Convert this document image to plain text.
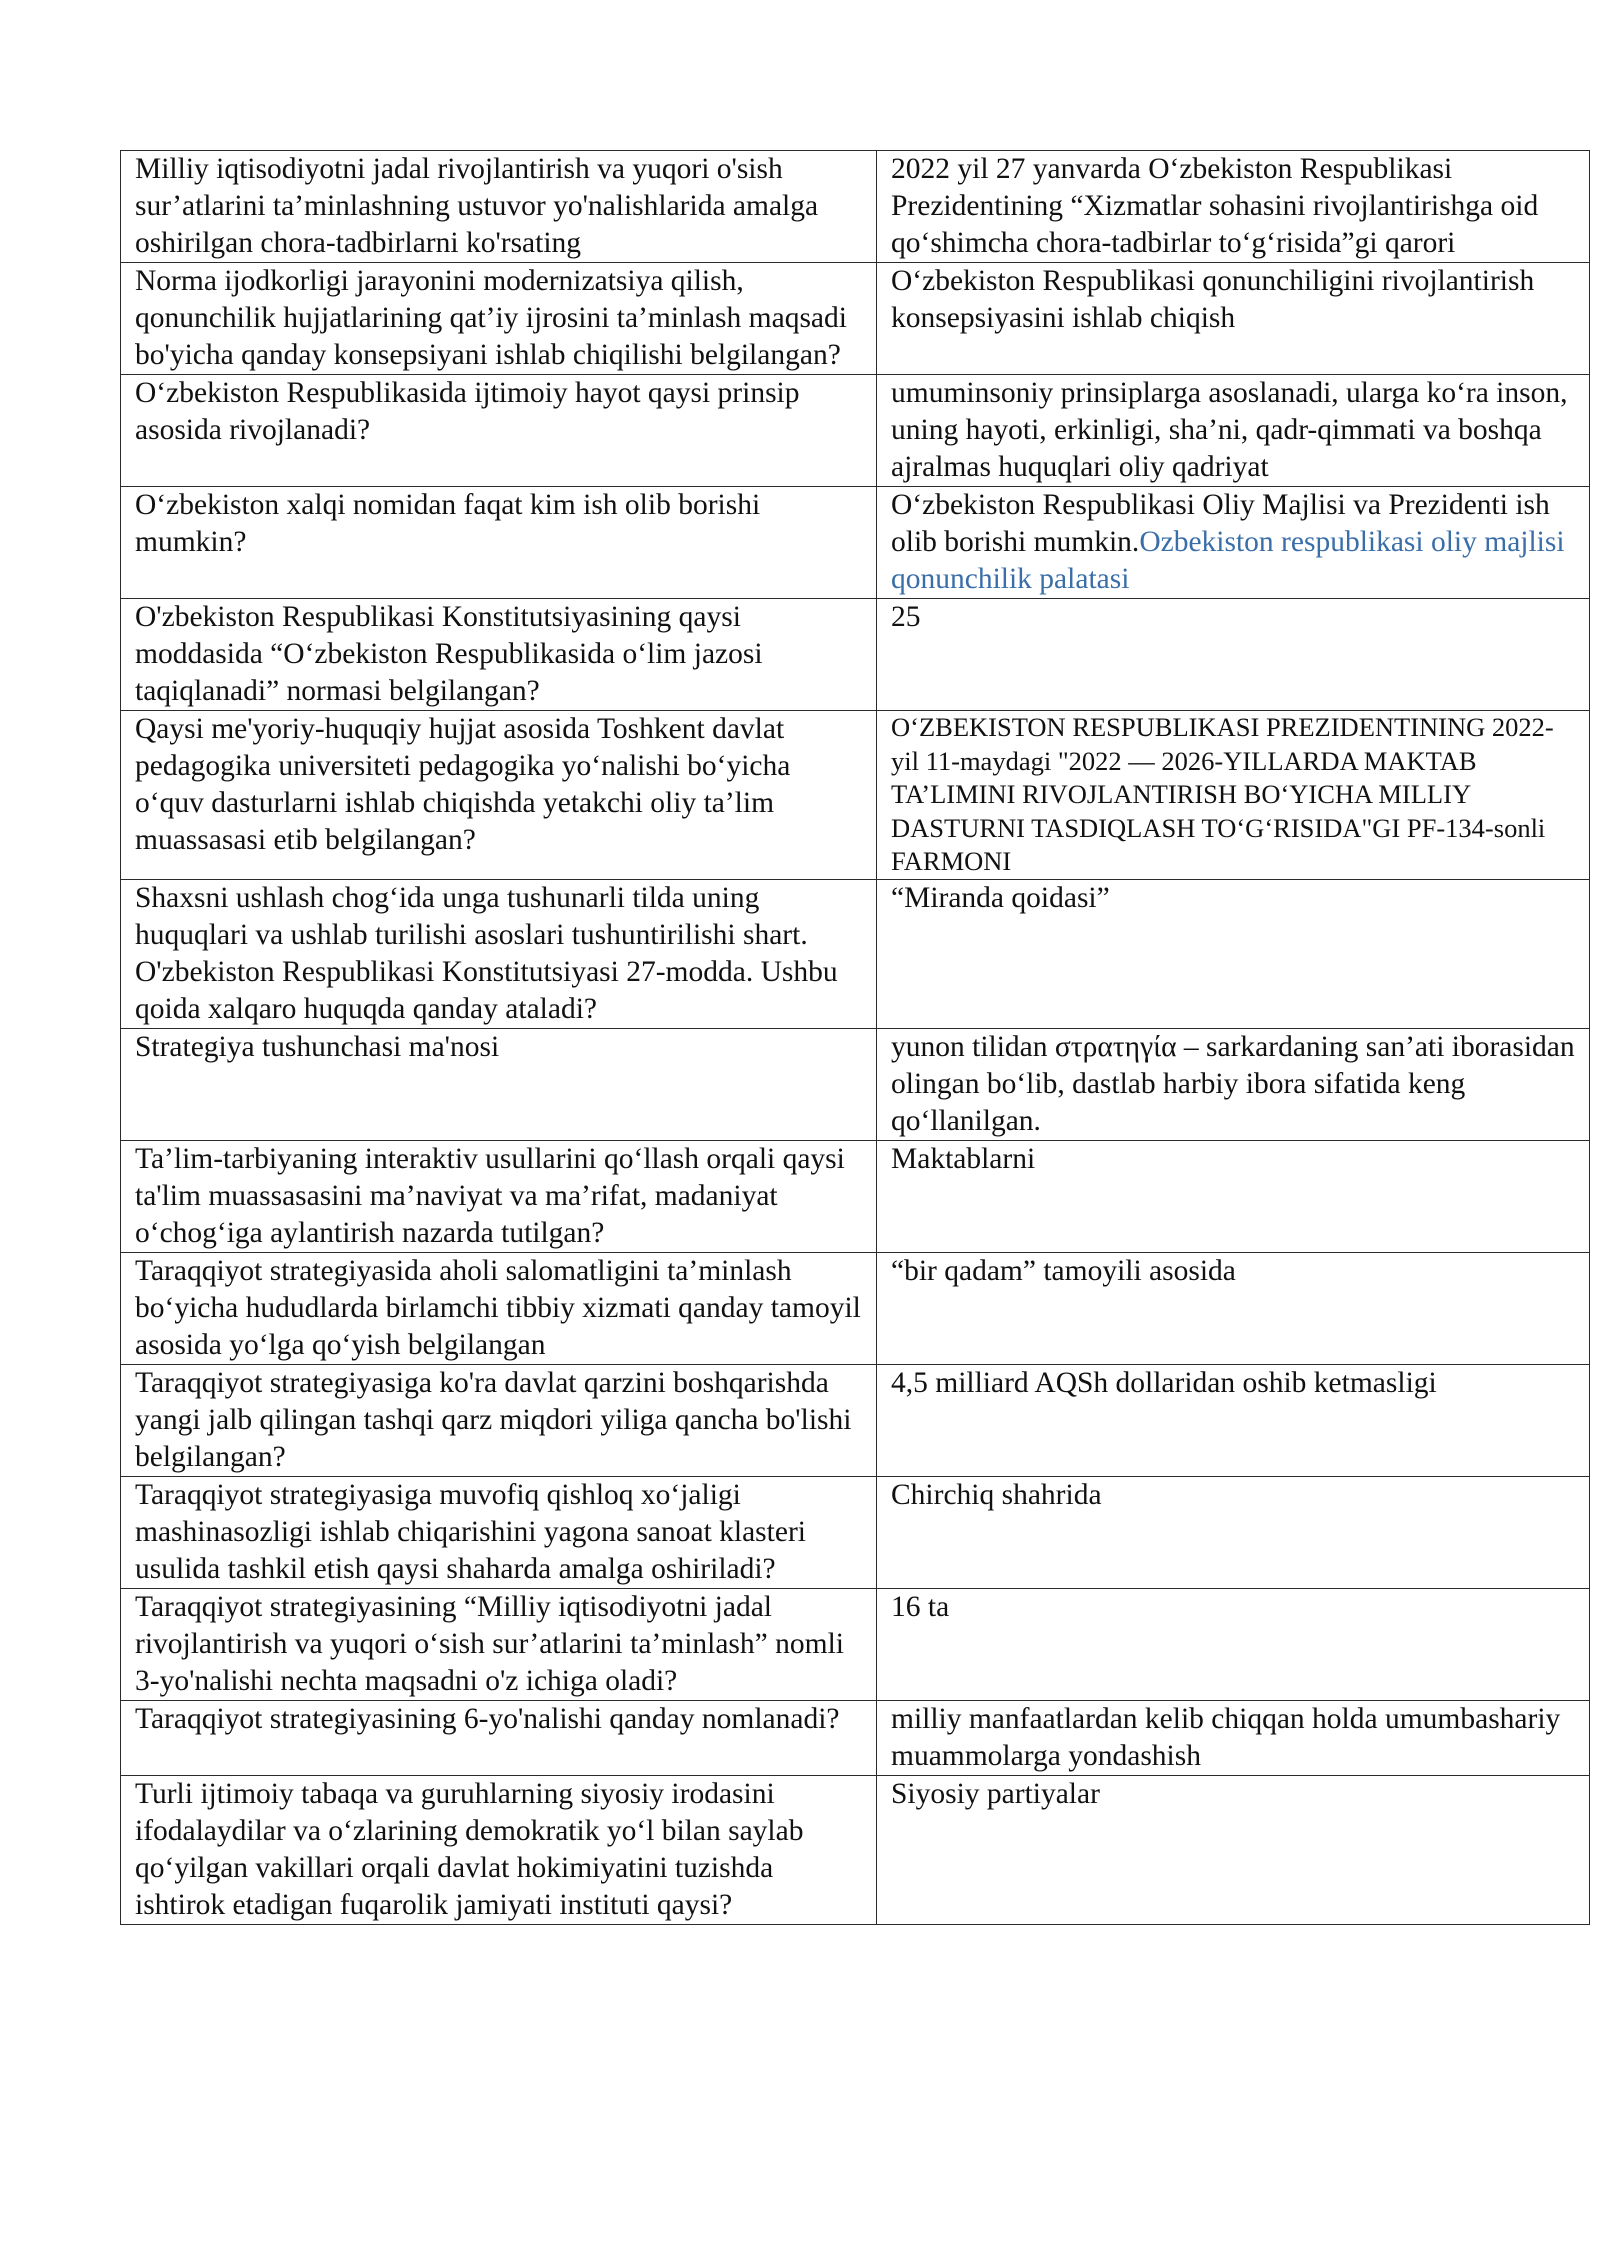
Milliy iqtisodiyotni jadal rivojlantirish va yuqori o'sish sur’atlarini ta’minlashning ustuvor yo'nalishlarida amalga oshirilgan chora-tadbirlarni ko'rsating	2022 yil 27 yanvarda O‘zbekiston Respublikasi Prezidentining “Xizmatlar sohasini rivojlantirishga oid qo‘shimcha chora-tadbirlar to‘g‘risida”gi qarori
Norma ijodkorligi jarayonini modernizatsiya qilish, qonunchilik hujjatlarining qat’iy ijrosini ta’minlash maqsadi bo'yicha qanday konsepsiyani ishlab chiqilishi belgilangan?	O‘zbekiston Respublikasi qonunchiligini rivojlantirish konsepsiyasini ishlab chiqish
O‘zbekiston Respublikasida ijtimoiy hayot qaysi prinsip asosida rivojlanadi?	umuminsoniy prinsiplarga asoslanadi, ularga ko‘ra inson, uning hayoti, erkinligi, sha’ni, qadr-qimmati va boshqa ajralmas huquqlari oliy qadriyat
O‘zbekiston xalqi nomidan faqat kim ish olib borishi mumkin?	O‘zbekiston Respublikasi Oliy Majlisi va Prezidenti ish olib borishi mumkin.Ozbekiston respublikasi oliy majlisi qonunchilik palatasi
O'zbekiston Respublikasi Konstitutsiyasining qaysi moddasida “O‘zbekiston Respublikasida o‘lim jazosi taqiqlanadi” normasi belgilangan?	25
Qaysi me'yoriy-huquqiy hujjat asosida Toshkent davlat pedagogika universiteti pedagogika yo‘nalishi bo‘yicha o‘quv dasturlarni ishlab chiqishda yetakchi oliy ta’lim muassasasi etib belgilangan?	O‘ZBEKISTON RESPUBLIKASI PREZIDENTINING 2022-yil 11-maydagi "2022 — 2026-YILLARDA MAKTAB TA’LIMINI RIVOJLANTIRISH BO‘YICHA MILLIY DASTURNI TASDIQLASH TO‘G‘RISIDA"GI PF-134-sonli FARMONI
Shaxsni ushlash chog‘ida unga tushunarli tilda uning huquqlari va ushlab turilishi asoslari tushuntirilishi shart. O'zbekiston Respublikasi Konstitutsiyasi 27-modda. Ushbu qoida xalqaro huquqda qanday ataladi?	“Miranda qoidasi”
Strategiya tushunchasi ma'nosi	yunon tilidan στρατηγία – sarkardaning san’ati iborasidan olingan bo‘lib, dastlab harbiy ibora sifatida keng qo‘llanilgan.
Ta’lim-tarbiyaning interaktiv usullarini qo‘llash orqali qaysi ta'lim muassasasini ma’naviyat va ma’rifat, madaniyat o‘chog‘iga aylantirish nazarda tutilgan?	Maktablarni
Taraqqiyot strategiyasida aholi salomatligini ta’minlash bo‘yicha hududlarda birlamchi tibbiy xizmati qanday tamoyil asosida yo‘lga qo‘yish belgilangan	“bir qadam” tamoyili asosida
Taraqqiyot strategiyasiga ko'ra davlat qarzini boshqarishda yangi jalb qilingan tashqi qarz miqdori yiliga qancha bo'lishi belgilangan?	4,5 milliard AQSh dollaridan oshib ketmasligi
Taraqqiyot strategiyasiga muvofiq qishloq xo‘jaligi mashinasozligi ishlab chiqarishini yagona sanoat klasteri usulida tashkil etish qaysi shaharda amalga oshiriladi?	Chirchiq shahrida
Taraqqiyot strategiyasining “Milliy iqtisodiyotni jadal rivojlantirish va yuqori o‘sish sur’atlarini ta’minlash” nomli 3-yo'nalishi nechta maqsadni o'z ichiga oladi?	16 ta
Taraqqiyot strategiyasining 6-yo'nalishi qanday nomlanadi?	milliy manfaatlardan kelib chiqqan holda umumbashariy muammolarga yondashish
Turli ijtimoiy tabaqa va guruhlarning siyosiy irodasini ifodalaydilar va o‘zlarining demokratik yo‘l bilan saylab qo‘yilgan vakillari orqali davlat hokimiyatini tuzishda ishtirok etadigan fuqarolik jamiyati instituti qaysi?	Siyosiy partiyalar
